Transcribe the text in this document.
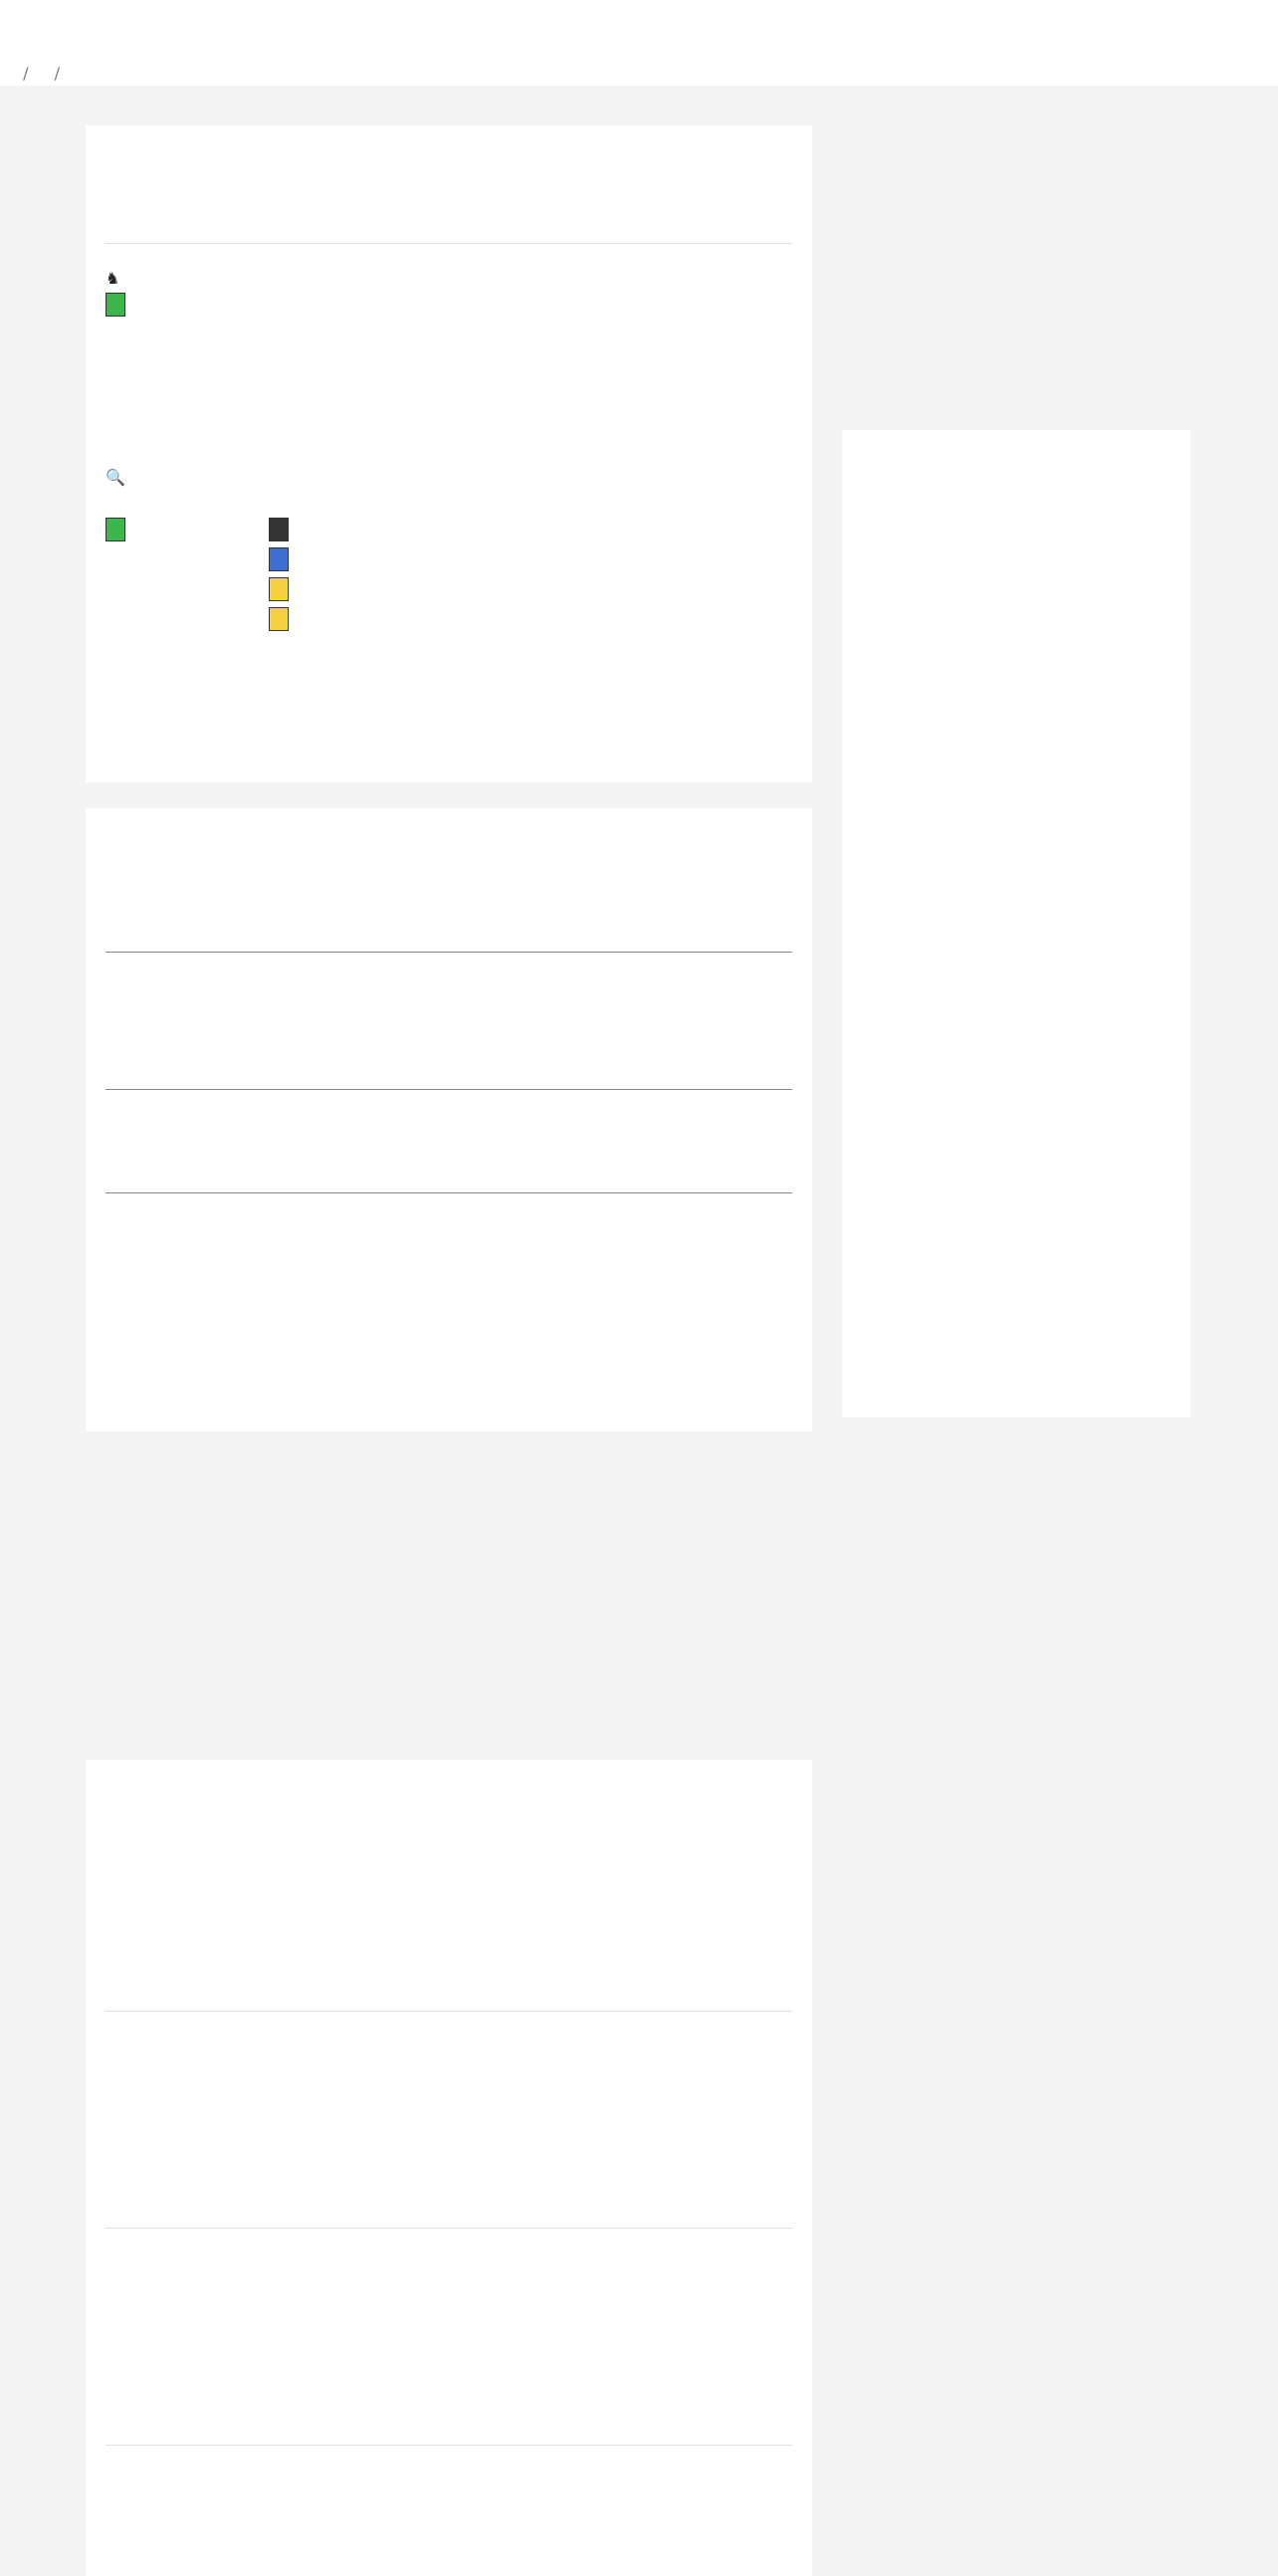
/ /
♞
🔍
